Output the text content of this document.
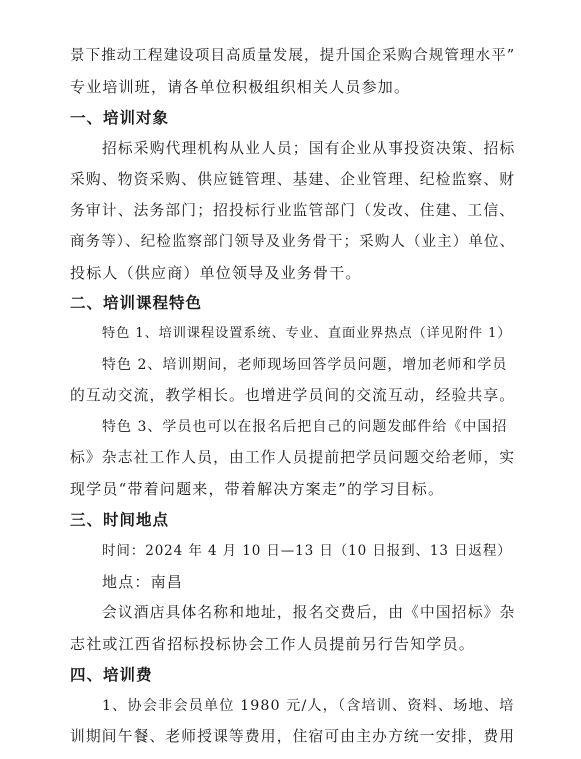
景下推动工程建设项目高质量发展，提升国企采购合规管理水平”
专业培训班，请各单位积极组织相关人员参加。
一、培训对象
招标采购代理机构从业人员；国有企业从事投资决策、招标
采购、物资采购、供应链管理、基建、企业管理、纪检监察、财
务审计、法务部门；招投标行业监管部门（发改、住建、工信、
商务等）、纪检监察部门领导及业务骨干；采购人（业主）单位、
投标人（供应商）单位领导及业务骨干。
二、培训课程特色
特色 1、培训课程设置系统、专业、直面业界热点（详见附件 1）
特色 2、培训期间，老师现场回答学员问题，增加老师和学员
的互动交流，教学相长。也增进学员间的交流互动，经验共享。
特色 3、学员也可以在报名后把自己的问题发邮件给《中国招
标》杂志社工作人员，由工作人员提前把学员问题交给老师，实
现学员“带着问题来，带着解决方案走”的学习目标。
三、时间地点
时间：2024 年 4 月 10 日—13 日（10 日报到、13 日返程）
地点：南昌
会议酒店具体名称和地址，报名交费后，由《中国招标》杂
志社或江西省招标投标协会工作人员提前另行告知学员。
四、培训费
1、协会非会员单位 1980 元/人，（含培训、资料、场地、培
训期间午餐、老师授课等费用，住宿可由主办方统一安排，费用
